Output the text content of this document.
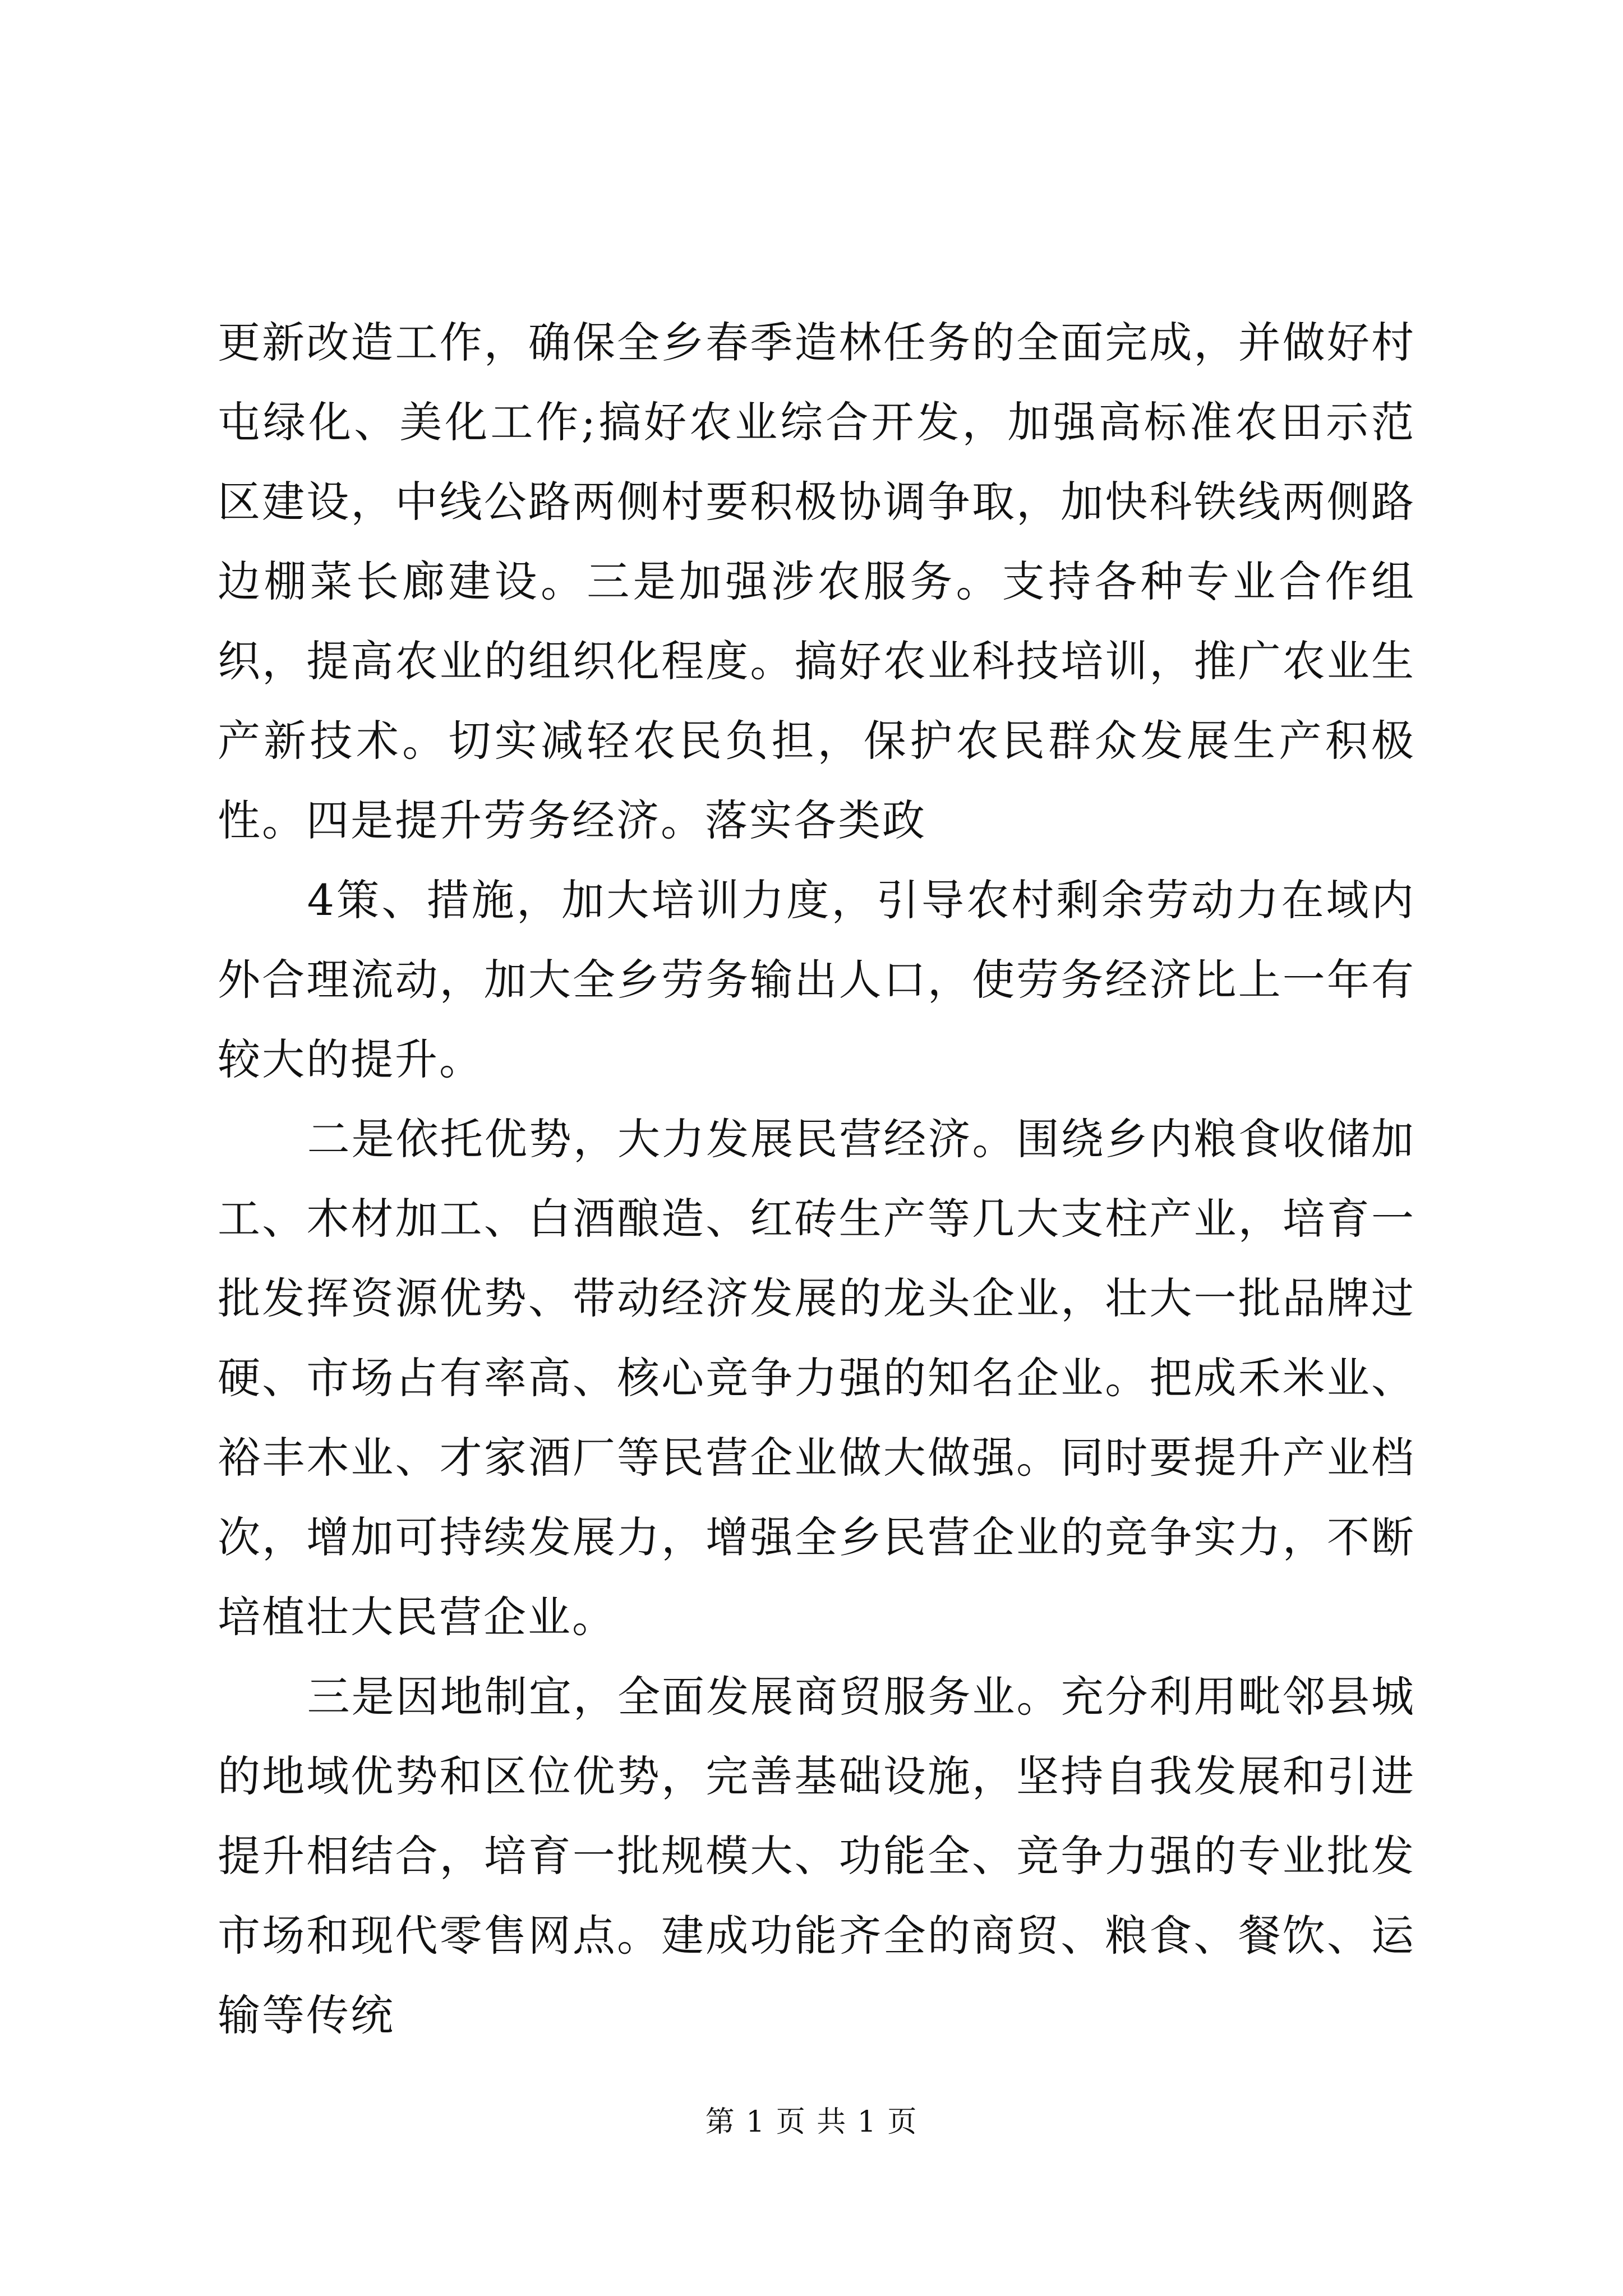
更新改造工作，确保全乡春季造林任务的全面完成，并做好村屯绿化、美化工作;搞好农业综合开发，加强高标准农田示范区建设，中线公路两侧村要积极协调争取，加快科铁线两侧路边棚菜长廊建设。三是加强涉农服务。支持各种专业合作组织，提高农业的组织化程度。搞好农业科技培训，推广农业生产新技术。切实减轻农民负担，保护农民群众发展生产积极性。四是提升劳务经济。落实各类政

4策、措施，加大培训力度，引导农村剩余劳动力在域内外合理流动，加大全乡劳务输出人口，使劳务经济比上一年有较大的提升。

二是依托优势，大力发展民营经济。围绕乡内粮食收储加工、木材加工、白酒酿造、红砖生产等几大支柱产业，培育一批发挥资源优势、带动经济发展的龙头企业，壮大一批品牌过硬、市场占有率高、核心竞争力强的知名企业。把成禾米业、裕丰木业、才家酒厂等民营企业做大做强。同时要提升产业档次，增加可持续发展力，增强全乡民营企业的竞争实力，不断培植壮大民营企业。

三是因地制宜，全面发展商贸服务业。充分利用毗邻县城的地域优势和区位优势，完善基础设施，坚持自我发展和引进提升相结合，培育一批规模大、功能全、竞争力强的专业批发市场和现代零售网点。建成功能齐全的商贸、粮食、餐饮、运输等传统

第 1 页 共 1 页
